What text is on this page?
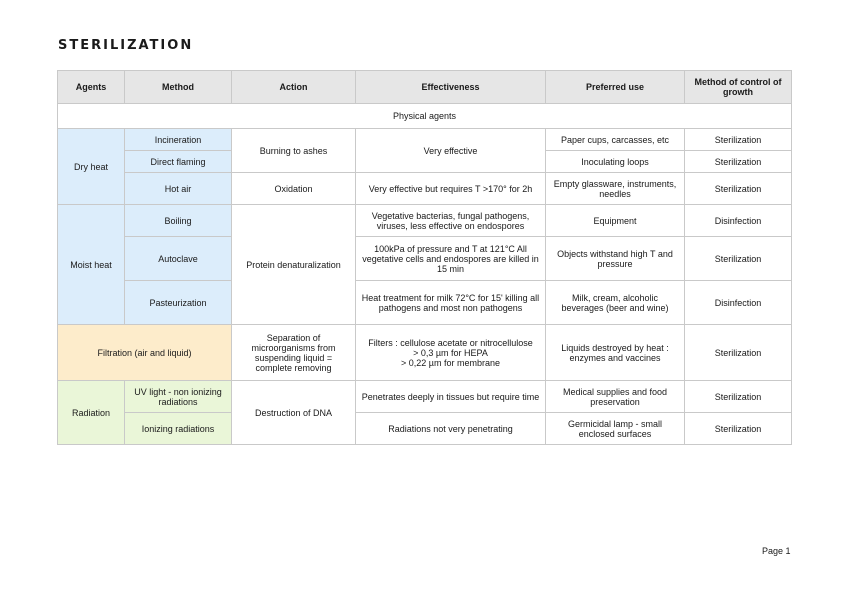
STERILIZATION
Agents	Method	Action	Effectiveness	Preferred use	Method of control of growth
Physical agents					
Dry heat	Incineration	Burning to ashes	Very effective	Paper cups, carcasses, etc	Sterilization
	Direct flaming			Inoculating loops	Sterilization
	Hot air	Oxidation	Very effective but requires T >170° for 2h	Empty glassware, instruments, needles	Sterilization
Moist heat	Boiling	Protein denaturalization	Vegetative bacterias, fungal pathogens, viruses, less effective on endospores	Equipment	Disinfection
	Autoclave		100kPa of pressure and T at 121°C All vegetative cells and endospores are killed in 15 min	Objects withstand high T and pressure	Sterilization
	Pasteurization		Heat treatment for milk 72°C for 15' killing all pathogens and most non pathogens	Milk, cream, alcoholic beverages (beer and wine)	Disinfection
Filtration (air and liquid)		Separation of microorganisms from suspending liquid = complete removing	Filters : cellulose acetate or nitrocellulose
> 0,3 µm for HEPA
> 0,22 µm for membrane	Liquids destroyed by heat : enzymes and vaccines	Sterilization
Radiation	UV light - non ionizing radiations	Destruction of DNA	Penetrates deeply in tissues but require time	Medical supplies and food preservation	Sterilization
	Ionizing radiations		Radiations not very penetrating	Germicidal lamp - small enclosed surfaces	Sterilization
Page 1
